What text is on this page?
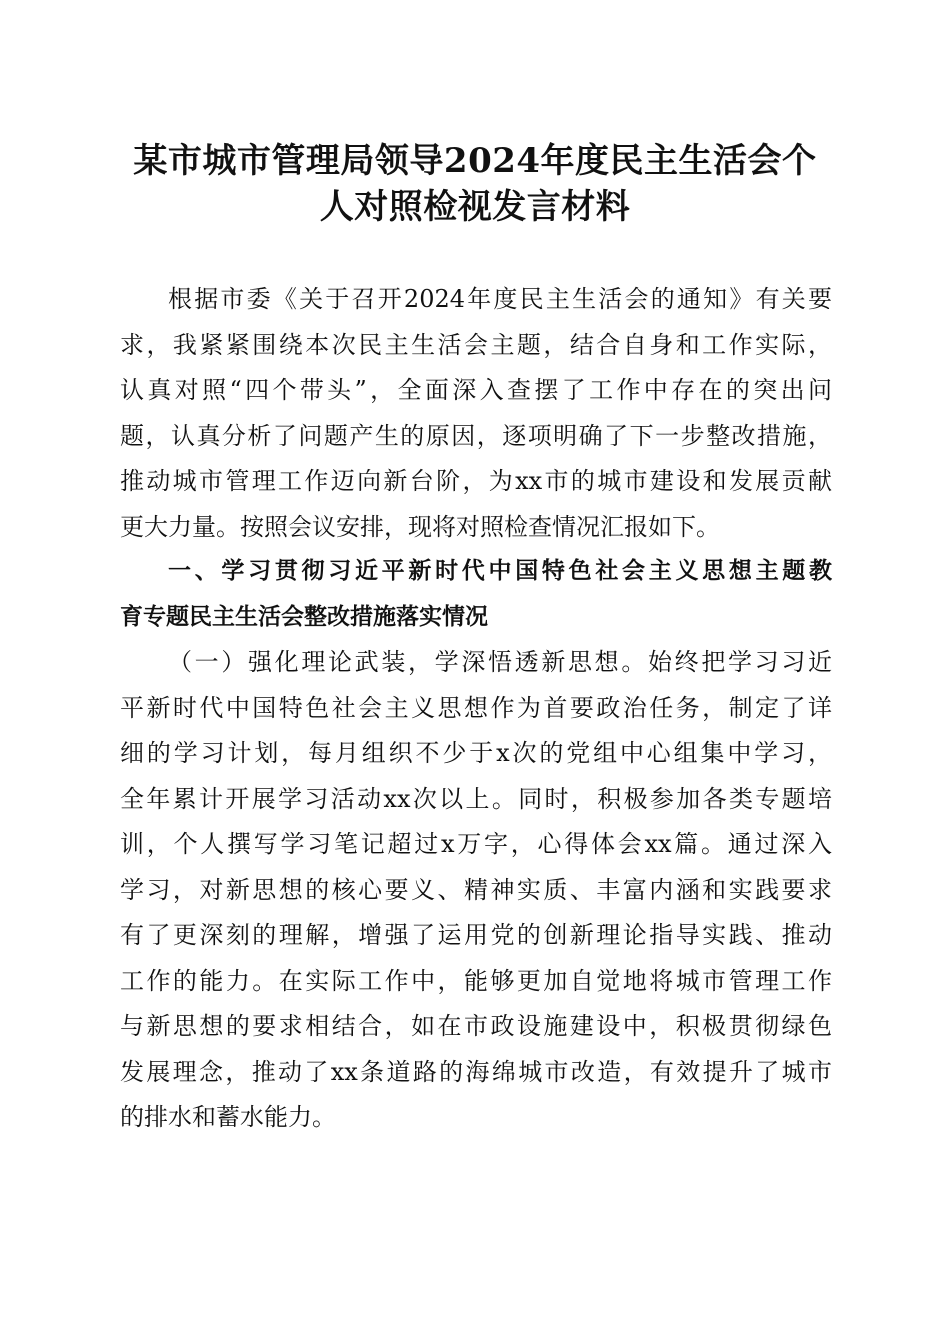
某市城市管理局领导2024年度民主生活会个
人对照检视发言材料
根据市委《关于召开2024年度民主生活会的通知》有关要
求，我紧紧围绕本次民主生活会主题，结合自身和工作实际，
认真对照“四个带头”，全面深入查摆了工作中存在的突出问
题，认真分析了问题产生的原因，逐项明确了下一步整改措施，
推动城市管理工作迈向新台阶，为xx市的城市建设和发展贡献
更大力量。按照会议安排，现将对照检查情况汇报如下。
一、学习贯彻习近平新时代中国特色社会主义思想主题教
育专题民主生活会整改措施落实情况
（一）强化理论武装，学深悟透新思想。始终把学习习近
平新时代中国特色社会主义思想作为首要政治任务，制定了详
细的学习计划，每月组织不少于x次的党组中心组集中学习，
全年累计开展学习活动xx次以上。同时，积极参加各类专题培
训，个人撰写学习笔记超过x万字，心得体会xx篇。通过深入
学习，对新思想的核心要义、精神实质、丰富内涵和实践要求
有了更深刻的理解，增强了运用党的创新理论指导实践、推动
工作的能力。在实际工作中，能够更加自觉地将城市管理工作
与新思想的要求相结合，如在市政设施建设中，积极贯彻绿色
发展理念，推动了xx条道路的海绵城市改造，有效提升了城市
的排水和蓄水能力。
